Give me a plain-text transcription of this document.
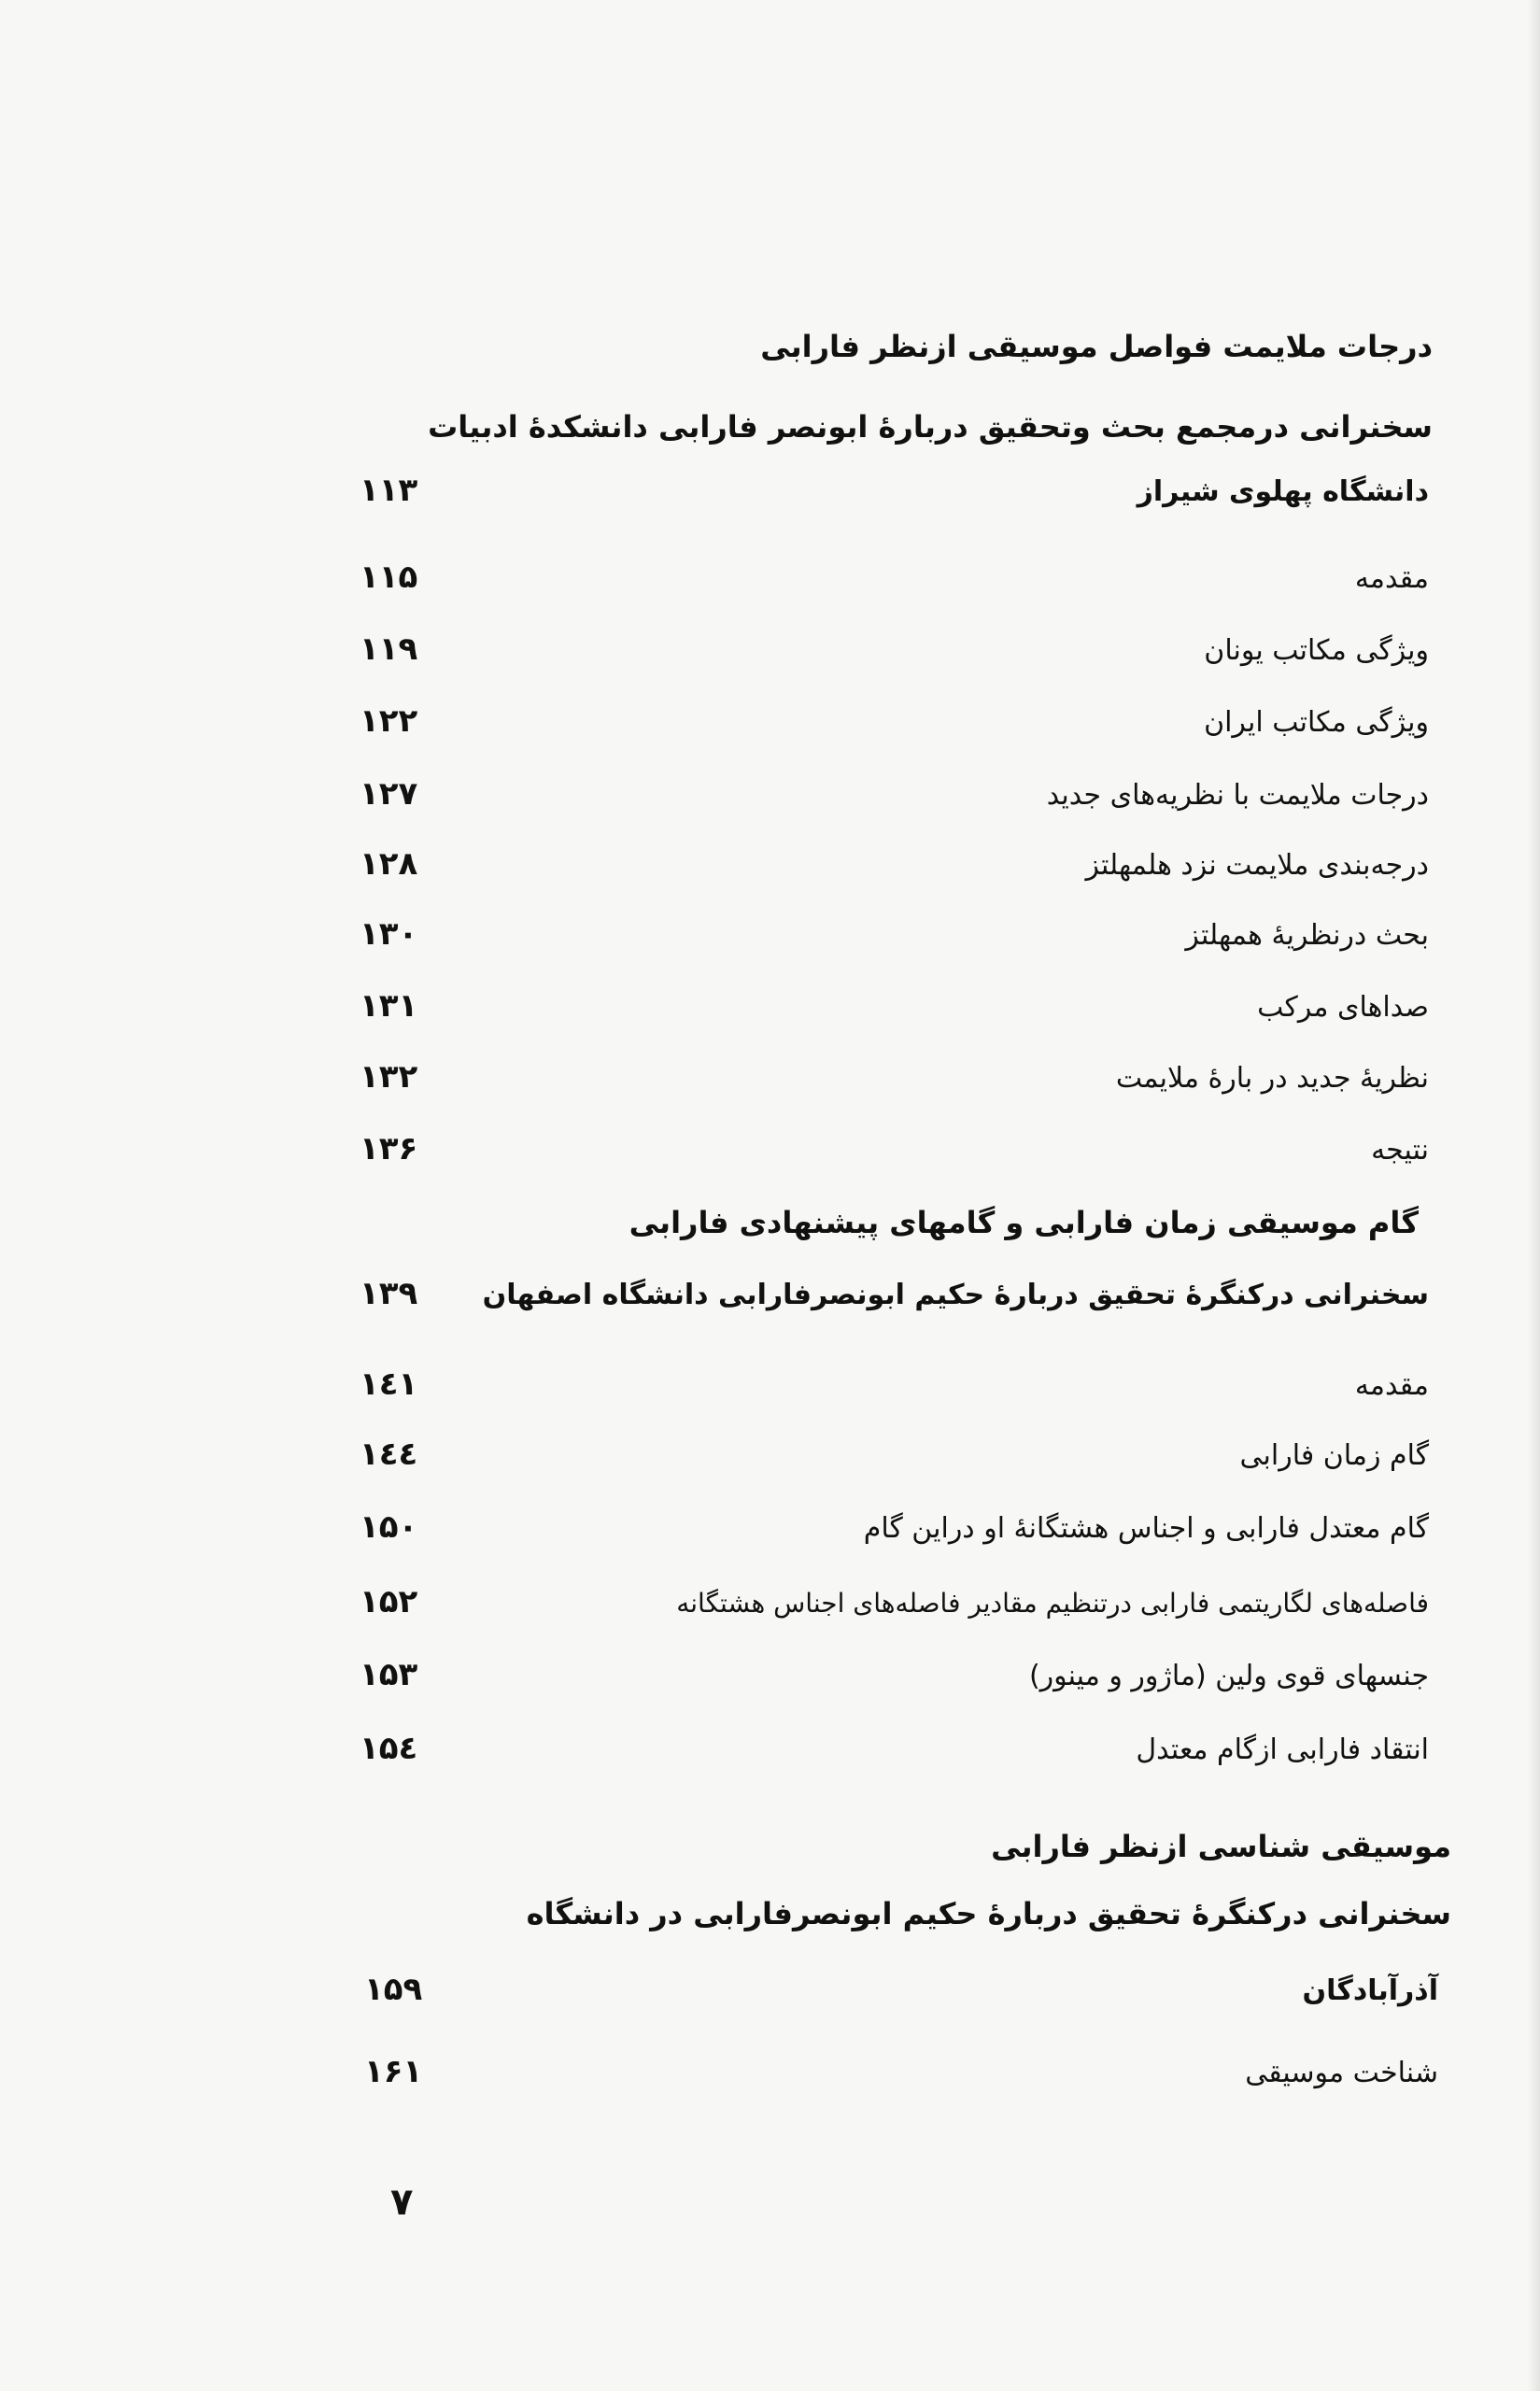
درجات ملایمت فواصل موسیقی ازنظر فارابی
سخنرانی درمجمع بحث وتحقیق دربارهٔ ابونصر فارابی دانشکدهٔ ادبیات
۱۱۳	دانشگاه پهلوی شیراز
۱۱۵	مقدمه
۱۱۹	ویژگی مکاتب یونان
۱۲۲	ویژگی مکاتب ایران
۱۲۷	درجات ملایمت با نظریه‌های جدید
۱۲۸	درجه‌بندی ملایمت نزد هلمهلتز
۱۳۰	بحث درنظریهٔ همهلتز
۱۳۱	صداهای مرکب
۱۳۲	نظریهٔ جدید در بارهٔ ملایمت
۱۳۶	نتیجه
گام موسیقی زمان فارابی و گامهای پیشنهادی فارابی
۱۳۹	سخنرانی درکنگرهٔ تحقیق دربارهٔ حکیم ابونصرفارابی دانشگاه اصفهان
۱٤۱	مقدمه
۱٤٤	گام زمان فارابی
۱۵۰	گام معتدل فارابی و اجناس هشتگانهٔ او دراین گام
۱۵۲	فاصله‌های لگاریتمی فارابی درتنظیم مقادیر فاصله‌های اجناس هشتگانه
۱۵۳	جنسهای قوی ولین (ماژور و مینور)
۱۵٤	انتقاد فارابی ازگام معتدل
موسیقی شناسی ازنظر فارابی
سخنرانی درکنگرهٔ تحقیق دربارهٔ حکیم ابونصرفارابی در دانشگاه
۱۵۹	آذرآبادگان
۱۶۱	شناخت موسیقی
۷
